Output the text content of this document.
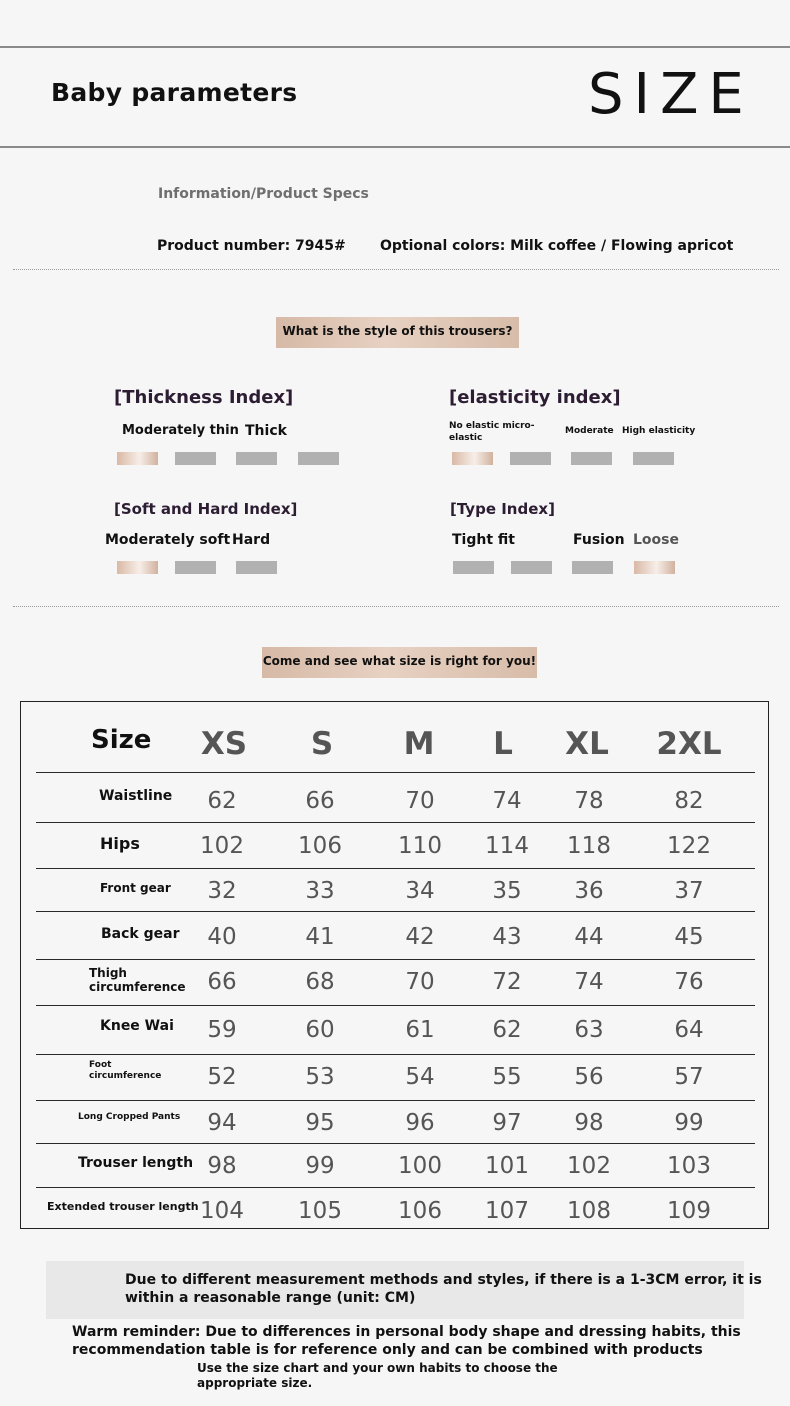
Baby parameters	SIZE
Information/Product Specs
Product number: 7945# Optional colors: Milk coffee / Flowing apricot
What is the style of this trousers?
[Thickness Index]
Moderately thin Thick
[elasticity index]
No elastic micro-elastic
Moderate High elasticity
[Soft and Hard Index]
Moderately soft Hard
[Type Index]
Tight fit	Fusion Loose
Come and see what size is right for you!
Size	XS	S	M	L	XL	2XL
Waistline	62	66	70	74	78	82
Hips	102	106	110	114	118	122
Front gear	32	33	34	35	36	37
Back gear	40	41	42	43	44	45
Thigh circumference 66	68	70	72	74	76
Knee Wai	59	60	61	62	63	64
Foot circumference	52	53	54	55	56	57
Long Cropped Pants	94	95	96	97	98	99
Trouser length 98	99	100	101	102	103
Extended trouser length 104	105	106	107	108	109
Due to different measurement methods and styles, if there is a 1-3CM error, it is
within a reasonable range (unit: CM)
Warm reminder: Due to differences in personal body shape and dressing habits, this
recommendation table is for reference only and can be combined with products
Use the size chart and your own habits to choose the
appropriate size.
